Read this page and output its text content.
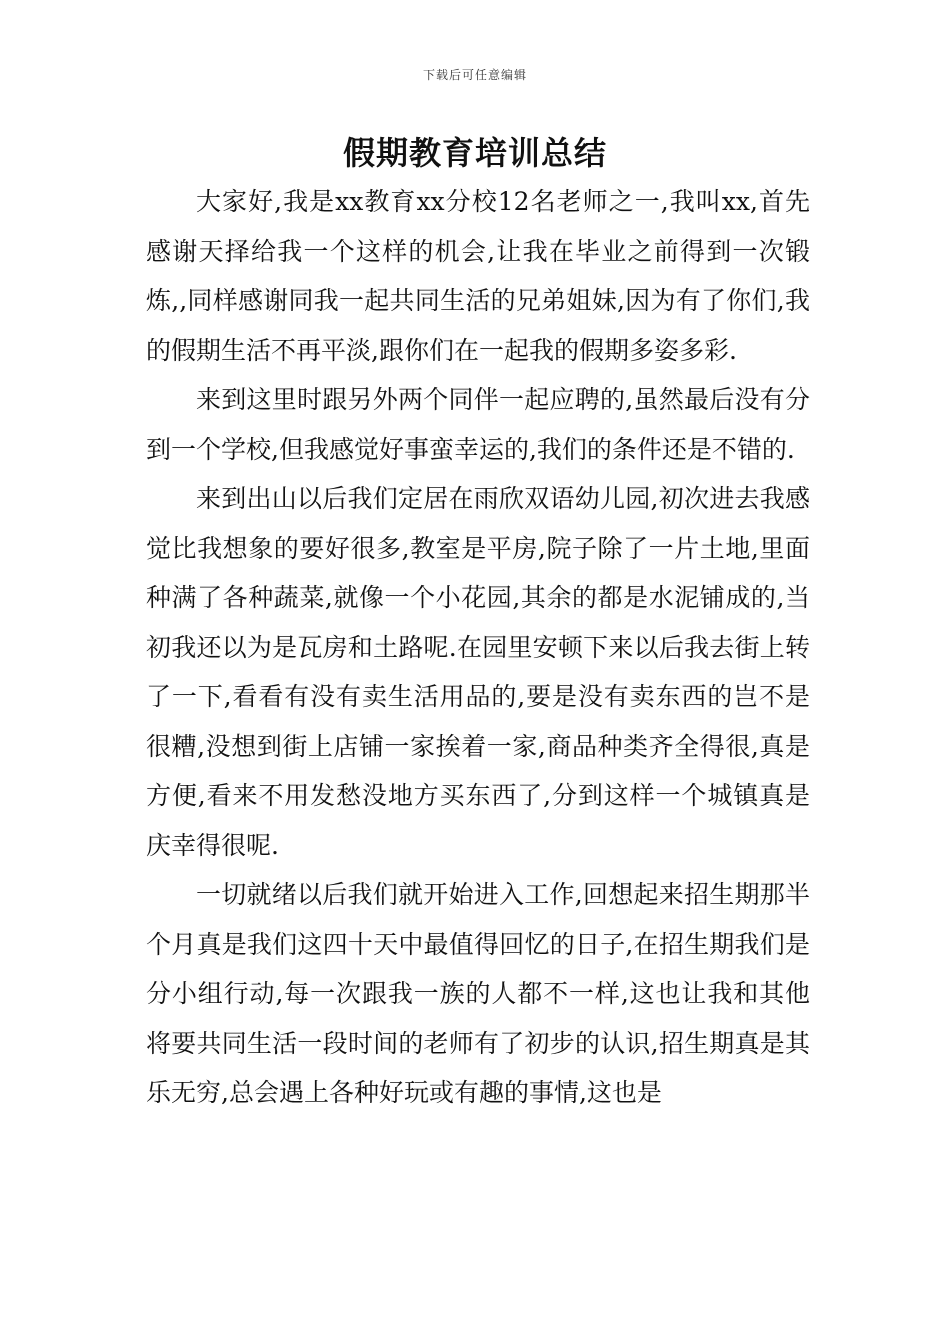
下载后可任意编辑
假期教育培训总结

大家好,我是xx教育xx分校12名老师之一,我叫xx,首先感谢天择给我一个这样的机会,让我在毕业之前得到一次锻炼,,同样感谢同我一起共同生活的兄弟姐妹,因为有了你们,我的假期生活不再平淡,跟你们在一起我的假期多姿多彩.

来到这里时跟另外两个同伴一起应聘的,虽然最后没有分到一个学校,但我感觉好事蛮幸运的,我们的条件还是不错的.

来到出山以后我们定居在雨欣双语幼儿园,初次进去我感觉比我想象的要好很多,教室是平房,院子除了一片土地,里面种满了各种蔬菜,就像一个小花园,其余的都是水泥铺成的,当初我还以为是瓦房和土路呢.在园里安顿下来以后我去街上转了一下,看看有没有卖生活用品的,要是没有卖东西的岂不是很糟,没想到街上店铺一家挨着一家,商品种类齐全得很,真是方便,看来不用发愁没地方买东西了,分到这样一个城镇真是庆幸得很呢.

一切就绪以后我们就开始进入工作,回想起来招生期那半个月真是我们这四十天中最值得回忆的日子,在招生期我们是分小组行动,每一次跟我一族的人都不一样,这也让我和其他将要共同生活一段时间的老师有了初步的认识,招生期真是其乐无穷,总会遇上各种好玩或有趣的事情,这也是
